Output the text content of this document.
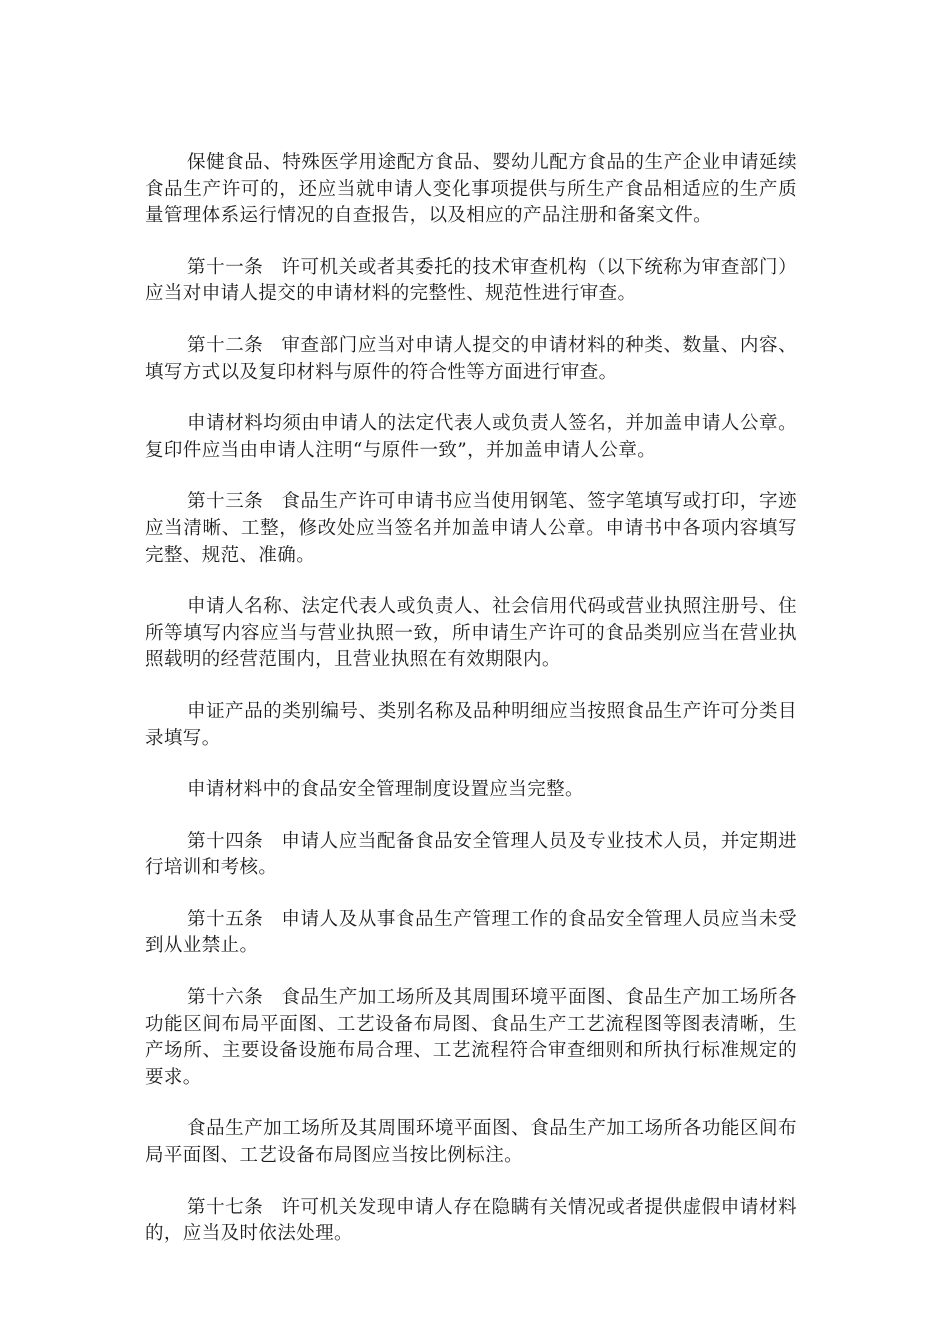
保健食品、特殊医学用途配方食品、婴幼儿配方食品的生产企业申请延续食品生产许可的，还应当就申请人变化事项提供与所生产食品相适应的生产质量管理体系运行情况的自查报告，以及相应的产品注册和备案文件。

第十一条 许可机关或者其委托的技术审查机构（以下统称为审查部门）应当对申请人提交的申请材料的完整性、规范性进行审查。

第十二条 审查部门应当对申请人提交的申请材料的种类、数量、内容、填写方式以及复印材料与原件的符合性等方面进行审查。

申请材料均须由申请人的法定代表人或负责人签名，并加盖申请人公章。复印件应当由申请人注明“与原件一致”，并加盖申请人公章。

第十三条 食品生产许可申请书应当使用钢笔、签字笔填写或打印，字迹应当清晰、工整，修改处应当签名并加盖申请人公章。申请书中各项内容填写完整、规范、准确。

申请人名称、法定代表人或负责人、社会信用代码或营业执照注册号、住所等填写内容应当与营业执照一致，所申请生产许可的食品类别应当在营业执照载明的经营范围内，且营业执照在有效期限内。

申证产品的类别编号、类别名称及品种明细应当按照食品生产许可分类目录填写。

申请材料中的食品安全管理制度设置应当完整。

第十四条 申请人应当配备食品安全管理人员及专业技术人员，并定期进行培训和考核。

第十五条 申请人及从事食品生产管理工作的食品安全管理人员应当未受到从业禁止。

第十六条 食品生产加工场所及其周围环境平面图、食品生产加工场所各功能区间布局平面图、工艺设备布局图、食品生产工艺流程图等图表清晰，生产场所、主要设备设施布局合理、工艺流程符合审查细则和所执行标准规定的要求。

食品生产加工场所及其周围环境平面图、食品生产加工场所各功能区间布局平面图、工艺设备布局图应当按比例标注。

第十七条 许可机关发现申请人存在隐瞒有关情况或者提供虚假申请材料的，应当及时依法处理。
